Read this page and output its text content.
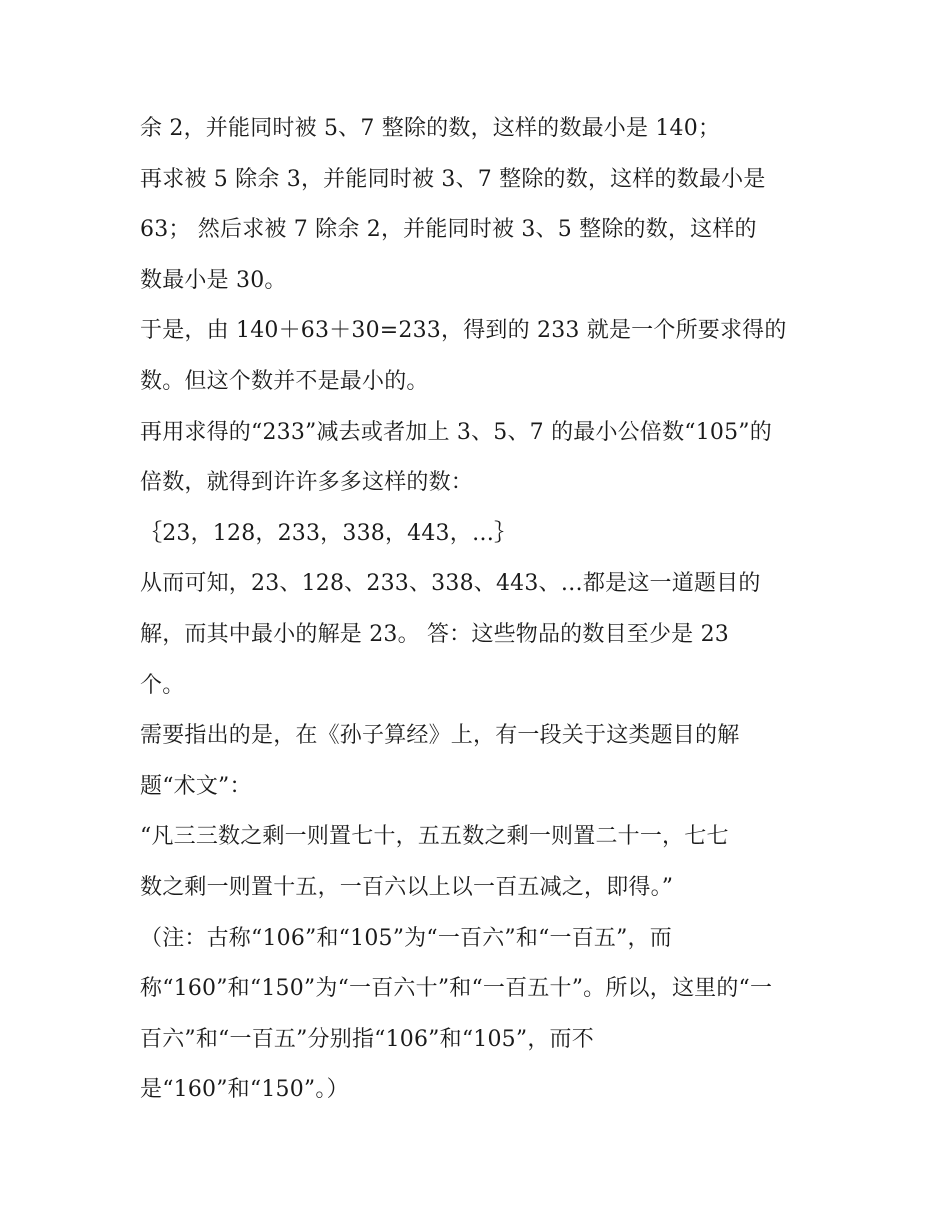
余 2，并能同时被 5、7 整除的数，这样的数最小是 140；
再求被 5 除余 3，并能同时被 3、7 整除的数，这样的数最小是
63； 然后求被 7 除余 2，并能同时被 3、5 整除的数，这样的
数最小是 30。
于是，由 140＋63＋30=233，得到的 233 就是一个所要求得的
数。但这个数并不是最小的。
再用求得的“233”减去或者加上 3、5、7 的最小公倍数“105”的
倍数，就得到许许多多这样的数：
｛23，128，233，338，443，…｝
从而可知，23、128、233、338、443、…都是这一道题目的
解，而其中最小的解是 23。 答：这些物品的数目至少是 23
个。
需要指出的是，在《孙子算经》上，有一段关于这类题目的解
题“术文”：
“凡三三数之剩一则置七十，五五数之剩一则置二十一，七七
数之剩一则置十五，一百六以上以一百五减之，即得。”
（注：古称“106”和“105”为“一百六”和“一百五”，而
称“160”和“150”为“一百六十”和“一百五十”。所以，这里的“一
百六”和“一百五”分别指“106”和“105”，而不
是“160”和“150”。）
